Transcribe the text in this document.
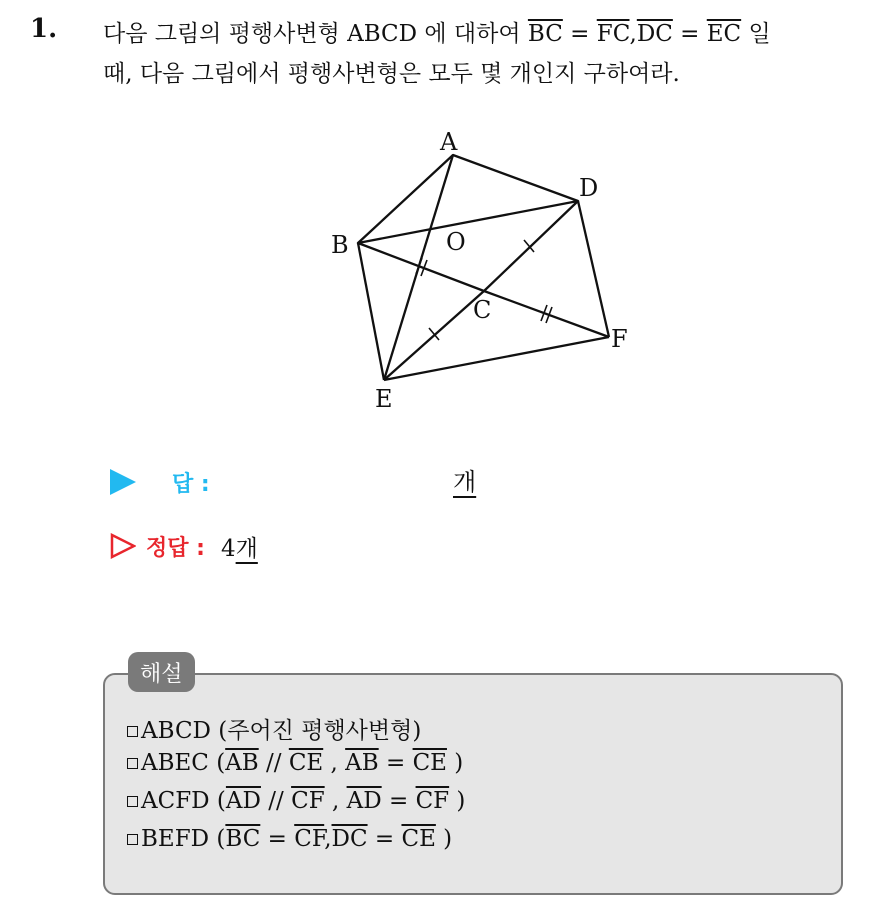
1. 다음 그림의 평행사변형 ABCD 에 대하여 $\overline{BC} = \overline{FC},\overline{DC} = \overline{EC}$ 일
때, 다음 그림에서 평행사변형은 모두 몇 개인지 구하여라.
A
B
C
D
E
F
O
답 :	개
정답 : 4개
해설
ABCD (주어진 평행사변형)
ABEC ($\overline{AB} // \overline{CE}$ , $\overline{AB} = \overline{CE}$ )
ACFD ($\overline{AD} // \overline{CF}$ , $\overline{AD} = \overline{CF}$ )
BEFD ($\overline{BC} = \overline{CF},\overline{DC} = \overline{CE}$ )
